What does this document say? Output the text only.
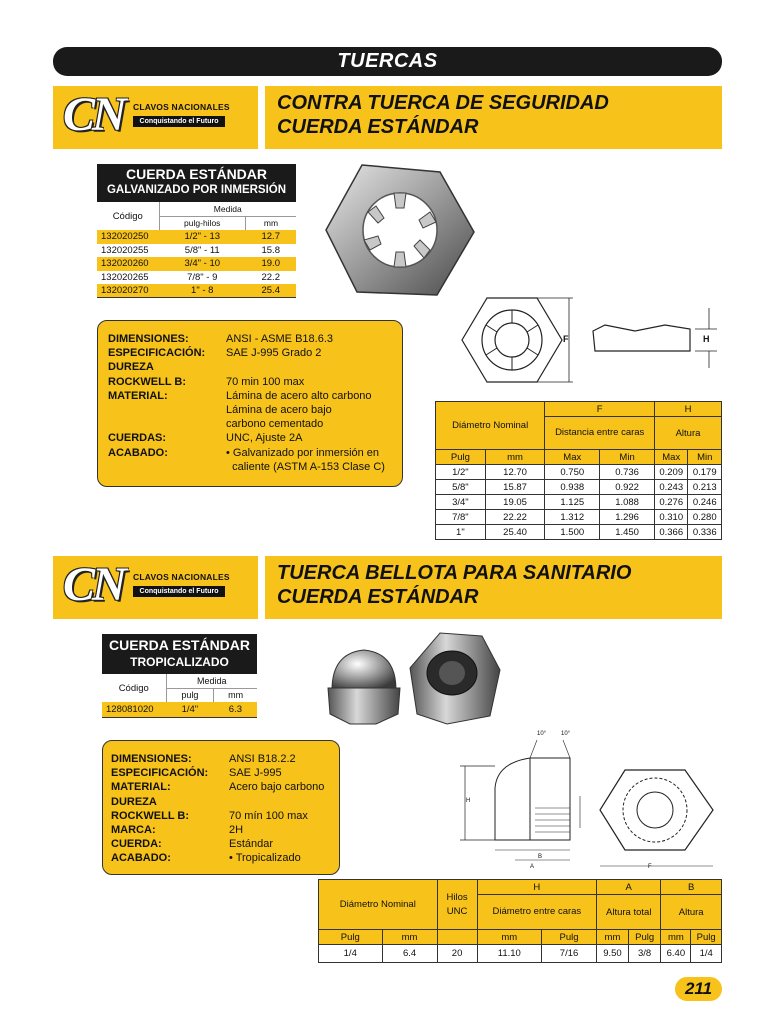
TUERCAS
CN CLAVOS NACIONALES
Conquistando el Futuro
CONTRA TUERCA DE SEGURIDAD
CUERDA ESTÁNDAR
CUERDA ESTÁNDAR
GALVANIZADO POR INMERSIÓN
Código	Medida	
	pulg-hilos	mm
132020250	1/2" - 13	12.7
132020255	5/8" - 11	15.8
132020260	3/4" - 10	19.0
132020265	7/8" - 9	22.2
132020270	1" - 8	25.4
F	H
DIMENSIONES:	ANSI - ASME B18.6.3
ESPECIFICACIÓN:	SAE J-995 Grado 2
DUREZA
ROCKWELL B:	70 min 100 max
MATERIAL:	Lámina de acero alto carbono
Lámina de acero bajo
carbono cementado
CUERDAS:	UNC, Ajuste 2A
ACABADO:	• Galvanizado por inmersión en
caliente (ASTM A-153 Clase C)
Diámetro Nominal		F		H	
		Distancia entre caras		Altura	
Pulg	mm	Max	Min	Max	Min
1/2"	12.70	0.750	0.736	0.209	0.179
5/8"	15.87	0.938	0.922	0.243	0.213
3/4"	19.05	1.125	1.088	0.276	0.246
7/8"	22.22	1.312	1.296	0.310	0.280
1"	25.40	1.500	1.450	0.366	0.336
CN CLAVOS NACIONALES
Conquistando el Futuro
TUERCA BELLOTA PARA SANITARIO
CUERDA ESTÁNDAR
CUERDA ESTÁNDAR
TROPICALIZADO
Código	Medida	
	pulg	mm
128081020	1/4"	6.3
DIMENSIONES:	ANSI B18.2.2
ESPECIFICACIÓN:	SAE J-995
MATERIAL:	Acero bajo carbono
DUREZA
ROCKWELL B:	70 mín 100 max
MARCA:	2H
CUERDA:	Estándar
ACABADO:	• Tropicalizado
10° 10°
H
B
A	F
Diámetro Nominal		Hilos UNC	H		A		B	
			Diámetro entre caras		Altura total		Altura	
Pulg	mm		mm	Pulg	mm	Pulg	mm	Pulg
1/4	6.4	20	11.10	7/16	9.50	3/8	6.40	1/4
211
